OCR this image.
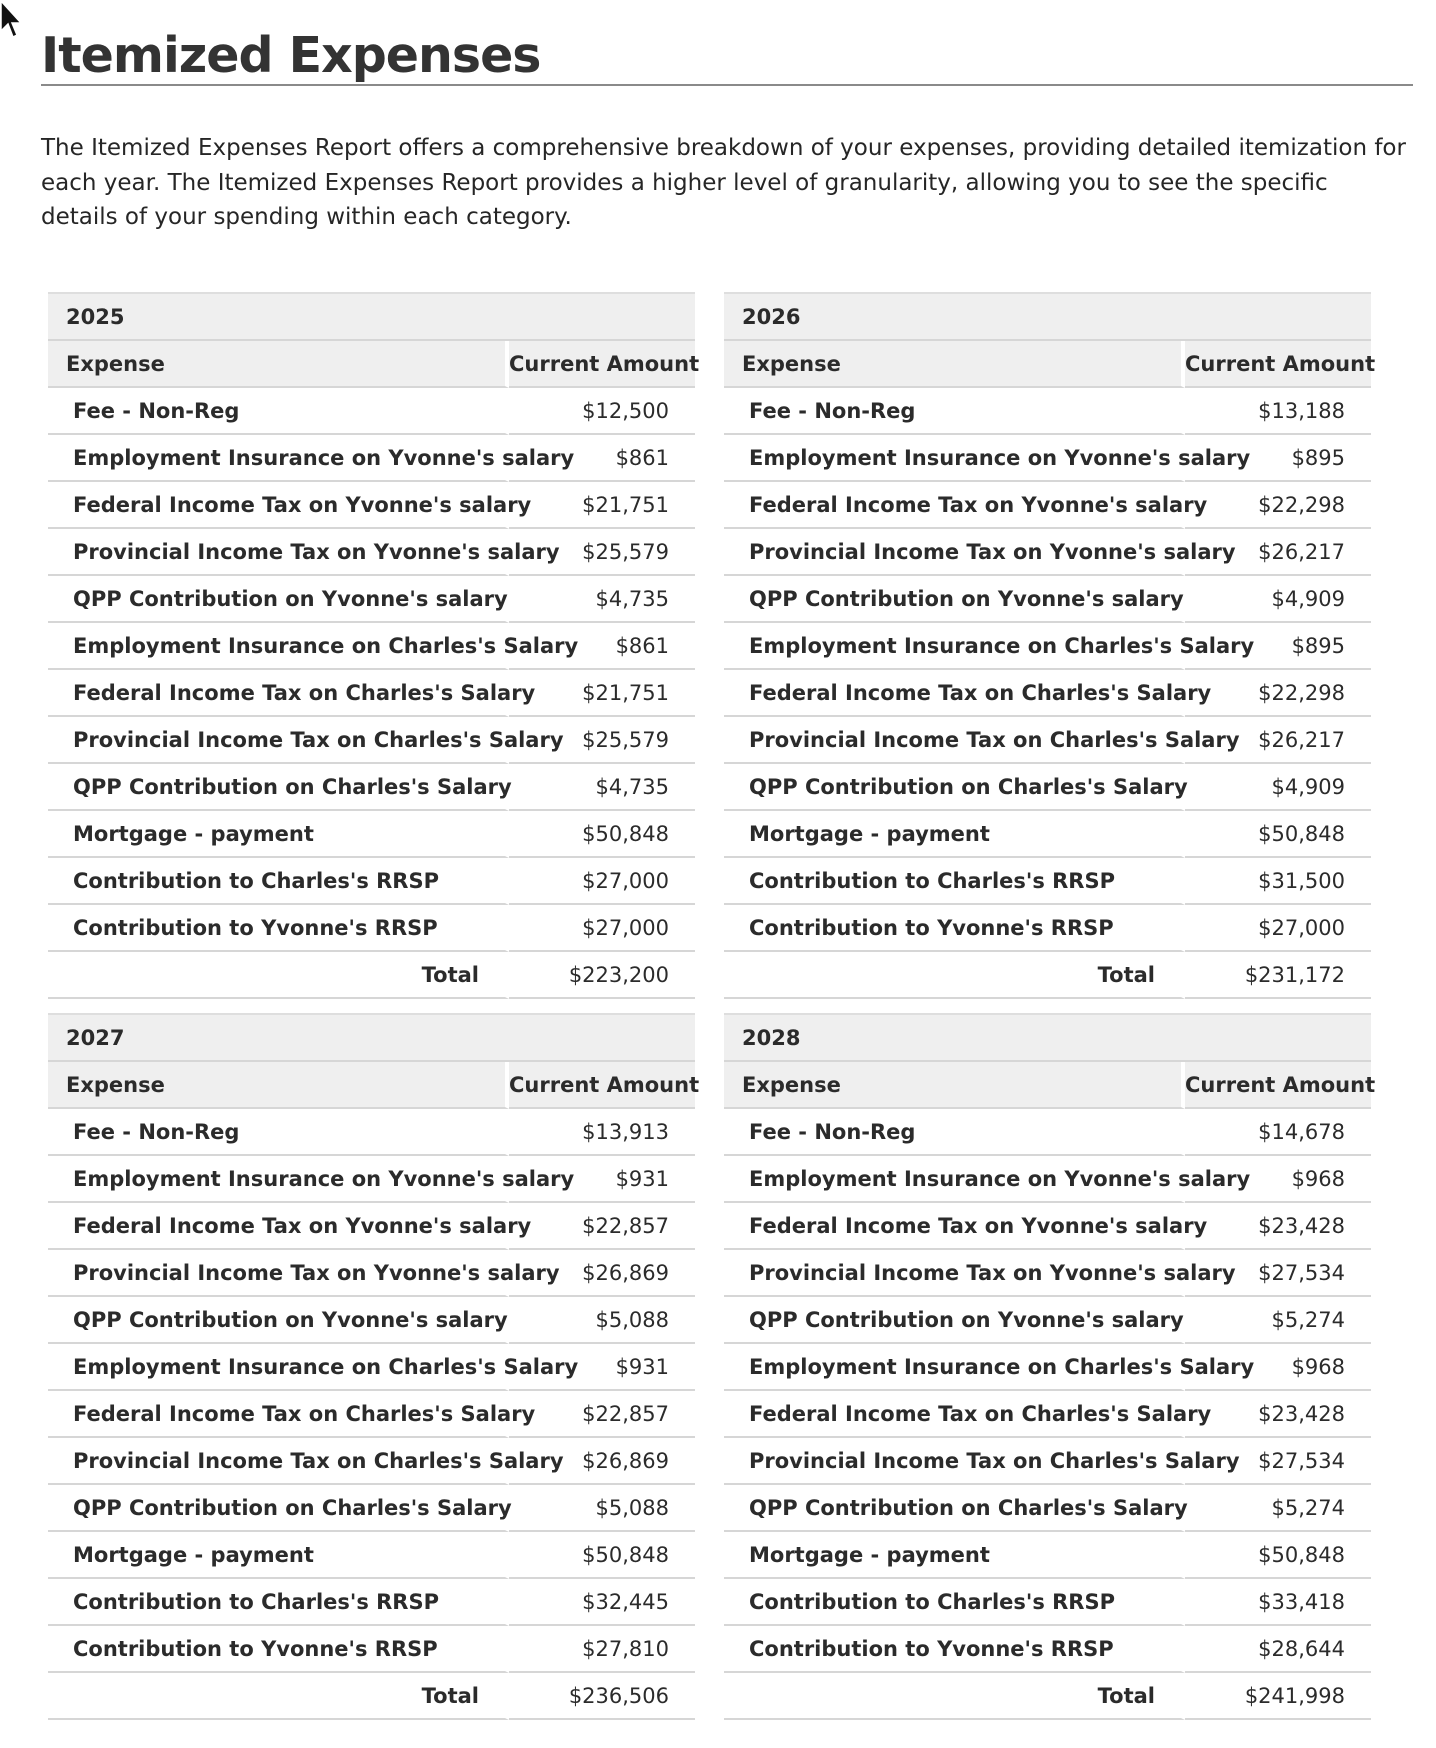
Itemized Expenses

The Itemized Expenses Report offers a comprehensive breakdown of your expenses, providing detailed itemization for each year. The Itemized Expenses Report provides a higher level of granularity, allowing you to see the specific details of your spending within each category.

2025	
Expense	Current Amount
Fee - Non-Reg	$12,500
Employment Insurance on Yvonne's salary	$861
Federal Income Tax on Yvonne's salary	$21,751
Provincial Income Tax on Yvonne's salary	$25,579
QPP Contribution on Yvonne's salary	$4,735
Employment Insurance on Charles's Salary	$861
Federal Income Tax on Charles's Salary	$21,751
Provincial Income Tax on Charles's Salary	$25,579
QPP Contribution on Charles's Salary	$4,735
Mortgage - payment	$50,848
Contribution to Charles's RRSP	$27,000
Contribution to Yvonne's RRSP	$27,000
Total	$223,200
2026	
Expense	Current Amount
Fee - Non-Reg	$13,188
Employment Insurance on Yvonne's salary	$895
Federal Income Tax on Yvonne's salary	$22,298
Provincial Income Tax on Yvonne's salary	$26,217
QPP Contribution on Yvonne's salary	$4,909
Employment Insurance on Charles's Salary	$895
Federal Income Tax on Charles's Salary	$22,298
Provincial Income Tax on Charles's Salary	$26,217
QPP Contribution on Charles's Salary	$4,909
Mortgage - payment	$50,848
Contribution to Charles's RRSP	$31,500
Contribution to Yvonne's RRSP	$27,000
Total	$231,172
2027	
Expense	Current Amount
Fee - Non-Reg	$13,913
Employment Insurance on Yvonne's salary	$931
Federal Income Tax on Yvonne's salary	$22,857
Provincial Income Tax on Yvonne's salary	$26,869
QPP Contribution on Yvonne's salary	$5,088
Employment Insurance on Charles's Salary	$931
Federal Income Tax on Charles's Salary	$22,857
Provincial Income Tax on Charles's Salary	$26,869
QPP Contribution on Charles's Salary	$5,088
Mortgage - payment	$50,848
Contribution to Charles's RRSP	$32,445
Contribution to Yvonne's RRSP	$27,810
Total	$236,506
2028	
Expense	Current Amount
Fee - Non-Reg	$14,678
Employment Insurance on Yvonne's salary	$968
Federal Income Tax on Yvonne's salary	$23,428
Provincial Income Tax on Yvonne's salary	$27,534
QPP Contribution on Yvonne's salary	$5,274
Employment Insurance on Charles's Salary	$968
Federal Income Tax on Charles's Salary	$23,428
Provincial Income Tax on Charles's Salary	$27,534
QPP Contribution on Charles's Salary	$5,274
Mortgage - payment	$50,848
Contribution to Charles's RRSP	$33,418
Contribution to Yvonne's RRSP	$28,644
Total	$241,998
